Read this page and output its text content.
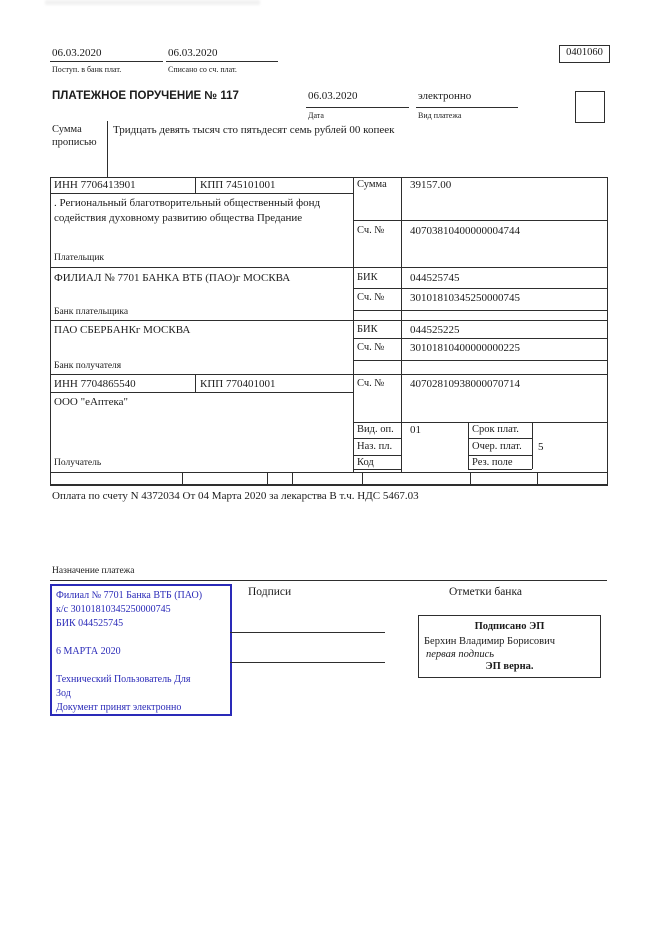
06.03.2020
Поступ. в банк плат.
06.03.2020
Списано со сч. плат.
0401060
ПЛАТЕЖНОЕ ПОРУЧЕНИЕ № 117	06.03.2020
Дата
электронно
Вид платежа
Сумма
прописью
Тридцать девять тысяч сто пятьдесят семь рублей 00 копеек
ИНН 7706413901	КПП 745101001	Сумма 39157.00
. Региональный благотворительный общественный фонд содействия духовному развитию общества Предание
Плательщик
Сч. № 40703810400000004744
ФИЛИАЛ № 7701 БАНКА ВТБ (ПАО)г МОСКВА	БИК	044525745
Сч. № 30101810345250000745
Банк плательщика
ПАО СБЕРБАНКг МОСКВА	БИК	044525225
Сч. № 30101810400000000225
Банк получателя
ИНН 7704865540	КПП 770401001	Сч. № 40702810938000070714
ООО "еАптека"
Получатель
Вид. оп. 01	Срок плат.
Наз. пл.	Очер. плат. 5
Код	Рез. поле
Оплата по счету N 4372034 От 04 Марта 2020 за лекарства В т.ч. НДС 5467.03
Назначение платежа
Филиал № 7701 Банка ВТБ (ПАО)
к/с 30101810345250000745
БИК 044525745
6 МАРТА 2020
Технический Пользователь Для
Зод
Документ принят электронно
Подписи	Отметки банка
Подписано ЭП
Берхин Владимир Борисович
первая подпись
ЭП верна.
